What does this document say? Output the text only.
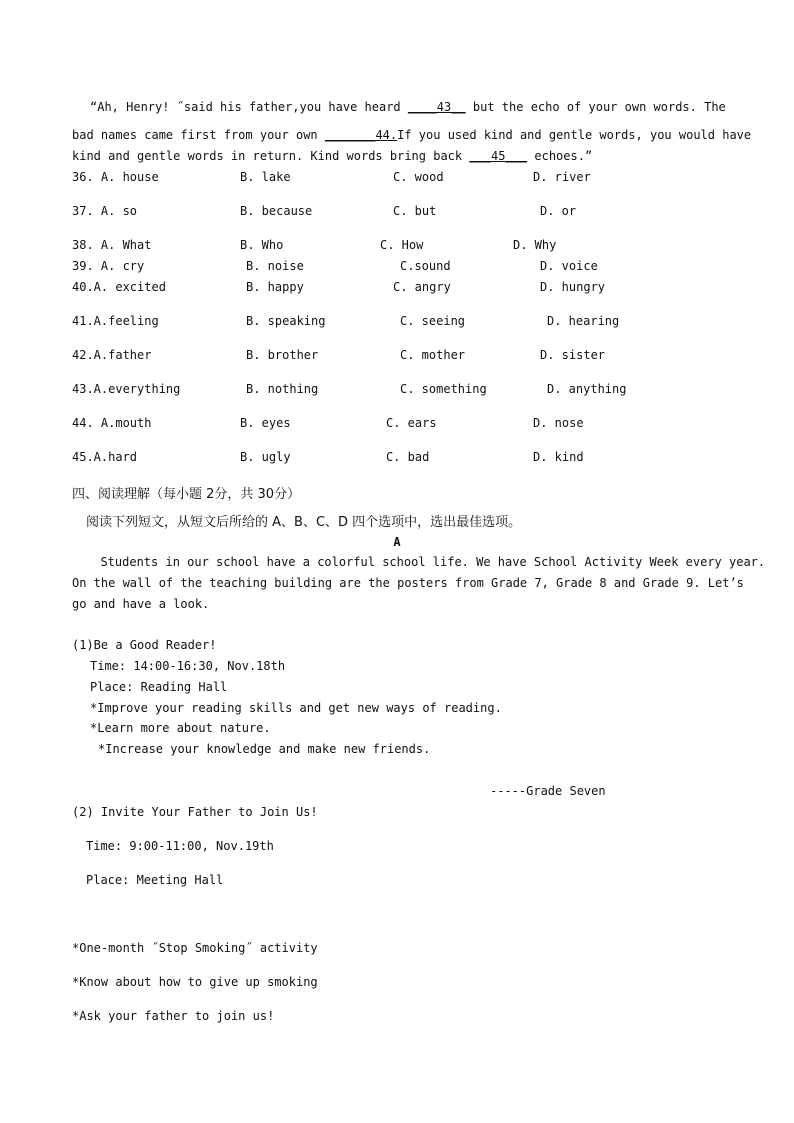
“Ah, Henry! ˝said his father,you have heard ____43__ but the echo of your own words. The
bad names came first from your own _______44.If you used kind and gentle words, you would have
kind and gentle words in return. Kind words bring back ___45___ echoes.”
36. A. house	B. lake	C. wood	D. river
37. A. so	B. because	C. but	D. or
38. A. What	B. Who	C. How	D. Why
39. A. cry	B. noise	C.sound	D. voice
40.A. excited	B. happy	C. angry	D. hungry
41.A.feeling	B. speaking	C. seeing	D. hearing
42.A.father	B. brother	C. mother	D. sister
43.A.everything	B. nothing	C. something	D. anything
44. A.mouth	B. eyes	C. ears	D. nose
45.A.hard	B. ugly	C. bad	D. kind
四、阅读理解（每小题 2分，共 30分）
阅读下列短文，从短文后所给的 A、B、C、D 四个选项中，选出最佳选项。
A
Students in our school have a colorful school life. We have School Activity Week every year.
On the wall of the teaching building are the posters from Grade 7, Grade 8 and Grade 9. Let’s
go and have a look.
(1)Be a Good Reader!
Time: 14:00-16:30, Nov.18th
Place: Reading Hall
*Improve your reading skills and get new ways of reading.
*Learn more about nature.
*Increase your knowledge and make new friends.
-----Grade Seven
(2) Invite Your Father to Join Us!
Time: 9:00-11:00, Nov.19th
Place: Meeting Hall
*One-month ˝Stop Smoking˝ activity
*Know about how to give up smoking
*Ask your father to join us!
